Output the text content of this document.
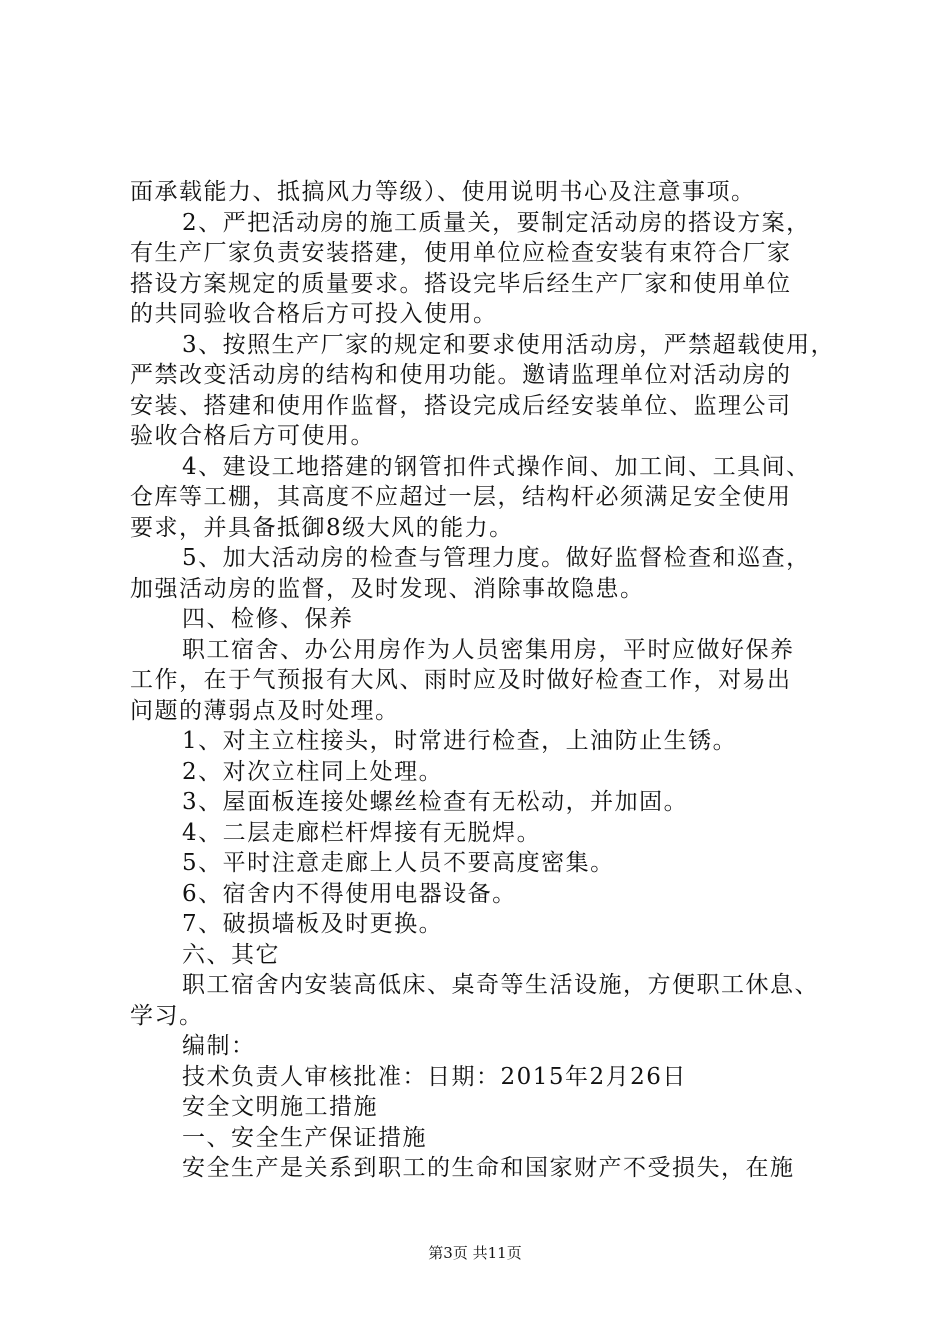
面承载能力、抵搞风力等级）、使用说明书心及注意事项。
2、严把活动房的施工质量关，要制定活动房的搭设方案，
有生产厂家负责安装搭建，使用单位应检查安装有束符合厂家
搭设方案规定的质量要求。搭设完毕后经生产厂家和使用单位
的共同验收合格后方可投入使用。
3、按照生产厂家的规定和要求使用活动房，严禁超载使用，
严禁改变活动房的结构和使用功能。邀请监理单位对活动房的
安装、搭建和使用作监督，搭设完成后经安装单位、监理公司
验收合格后方可使用。
4、建设工地搭建的钢管扣件式操作间、加工间、工具间、
仓库等工棚，其高度不应超过一层，结构杆必须满足安全使用
要求，并具备抵御8级大风的能力。
5、加大活动房的检查与管理力度。做好监督检查和巡查，
加强活动房的监督，及时发现、消除事故隐患。
四、检修、保养
职工宿舍、办公用房作为人员密集用房，平时应做好保养
工作，在于气预报有大风、雨时应及时做好检查工作，对易出
问题的薄弱点及时处理。
1、对主立柱接头，时常进行检查，上油防止生锈。
2、对次立柱同上处理。
3、屋面板连接处螺丝检查有无松动，并加固。
4、二层走廊栏杆焊接有无脱焊。
5、平时注意走廊上人员不要高度密集。
6、宿舍内不得使用电器设备。
7、破损墙板及时更换。
六、其它
职工宿舍内安装高低床、桌奇等生活设施，方便职工休息、
学习。
编制：
技术负责人审核批准：日期：2015年2月26日
安全文明施工措施
一、安全生产保证措施
安全生产是关系到职工的生命和国家财产不受损失，在施
第3页 共11页
